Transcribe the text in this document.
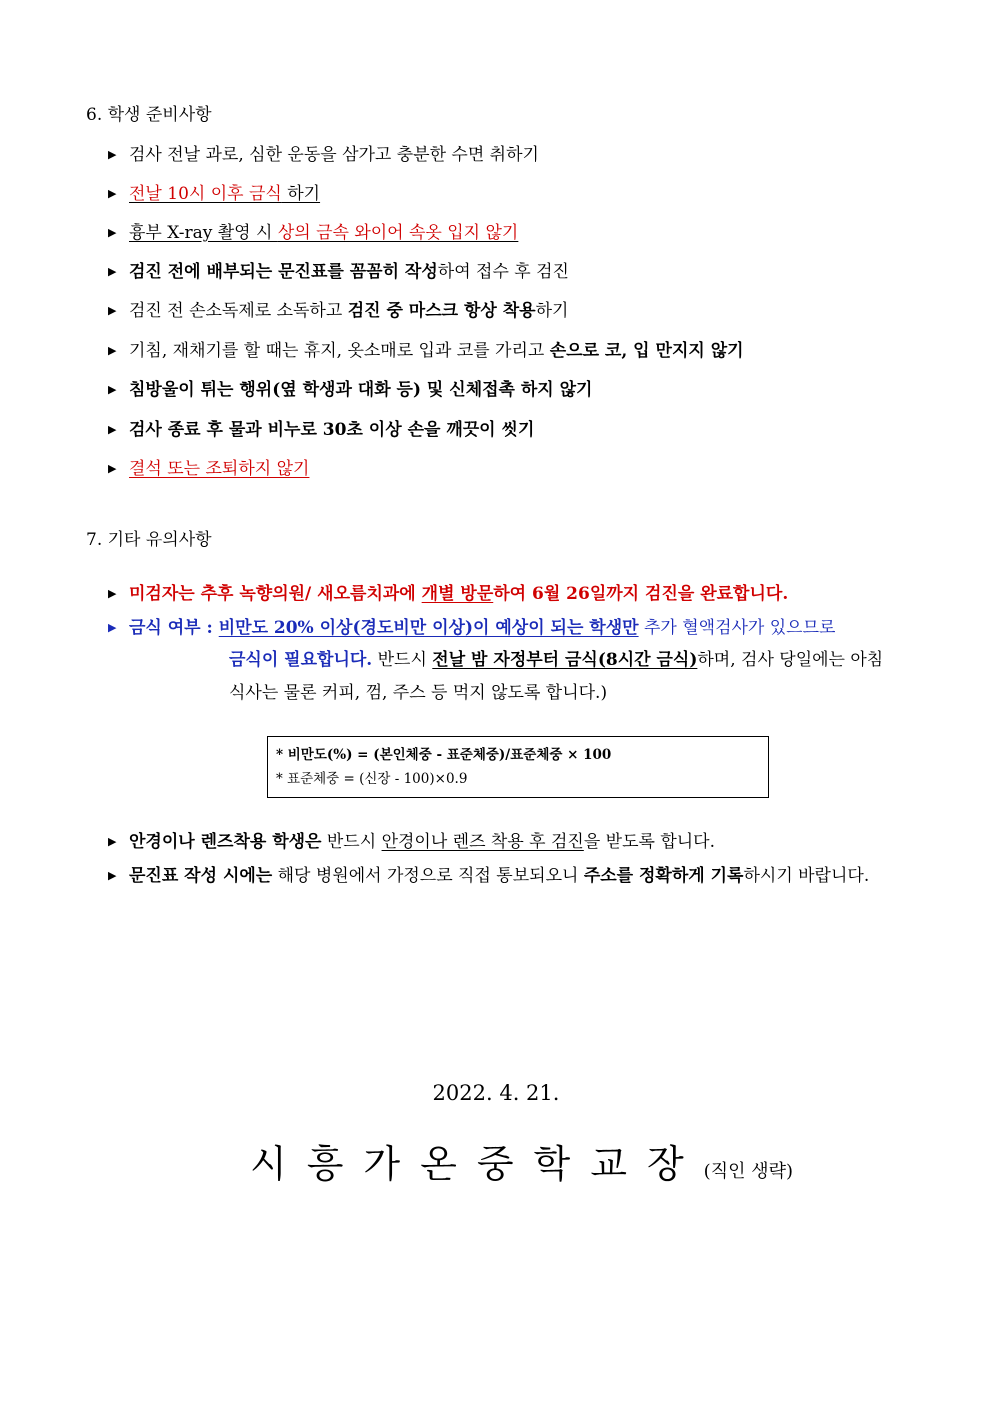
6. 학생 준비사항
▶ 검사 전날 과로, 심한 운동을 삼가고 충분한 수면 취하기
▶ 전날 10시 이후 금식 하기
▶ 흉부 X-ray 촬영 시 상의 금속 와이어 속옷 입지 않기
▶ 검진 전에 배부되는 문진표를 꼼꼼히 작성하여 접수 후 검진
▶ 검진 전 손소독제로 소독하고 검진 중 마스크 항상 착용하기
▶ 기침, 재채기를 할 때는 휴지, 옷소매로 입과 코를 가리고 손으로 코, 입 만지지 않기
▶ 침방울이 튀는 행위(옆 학생과 대화 등) 및 신체접촉 하지 않기
▶ 검사 종료 후 물과 비누로 30초 이상 손을 깨끗이 씻기
▶ 결석 또는 조퇴하지 않기
7. 기타 유의사항
▶ 미검자는 추후 녹향의원/ 새오름치과에 개별 방문하여 6월 26일까지 검진을 완료합니다.
▶ 금식 여부 : 비만도 20% 이상(경도비만 이상)이 예상이 되는 학생만 추가 혈액검사가 있으므로
금식이 필요합니다. 반드시 전날 밤 자정부터 금식(8시간 금식)하며, 검사 당일에는 아침
식사는 물론 커피, 껌, 주스 등 먹지 않도록 합니다.)
* 비만도(%) = (본인체중 - 표준체중)/표준체중 × 100
* 표준체중 = (신장 - 100)×0.9
▶ 안경이나 렌즈착용 학생은 반드시 안경이나 렌즈 착용 후 검진을 받도록 합니다.
▶ 문진표 작성 시에는 해당 병원에서 가정으로 직접 통보되오니 주소를 정확하게 기록하시기 바랍니다.
2022. 4. 21.
시흥가온중학교장(직인 생략)
